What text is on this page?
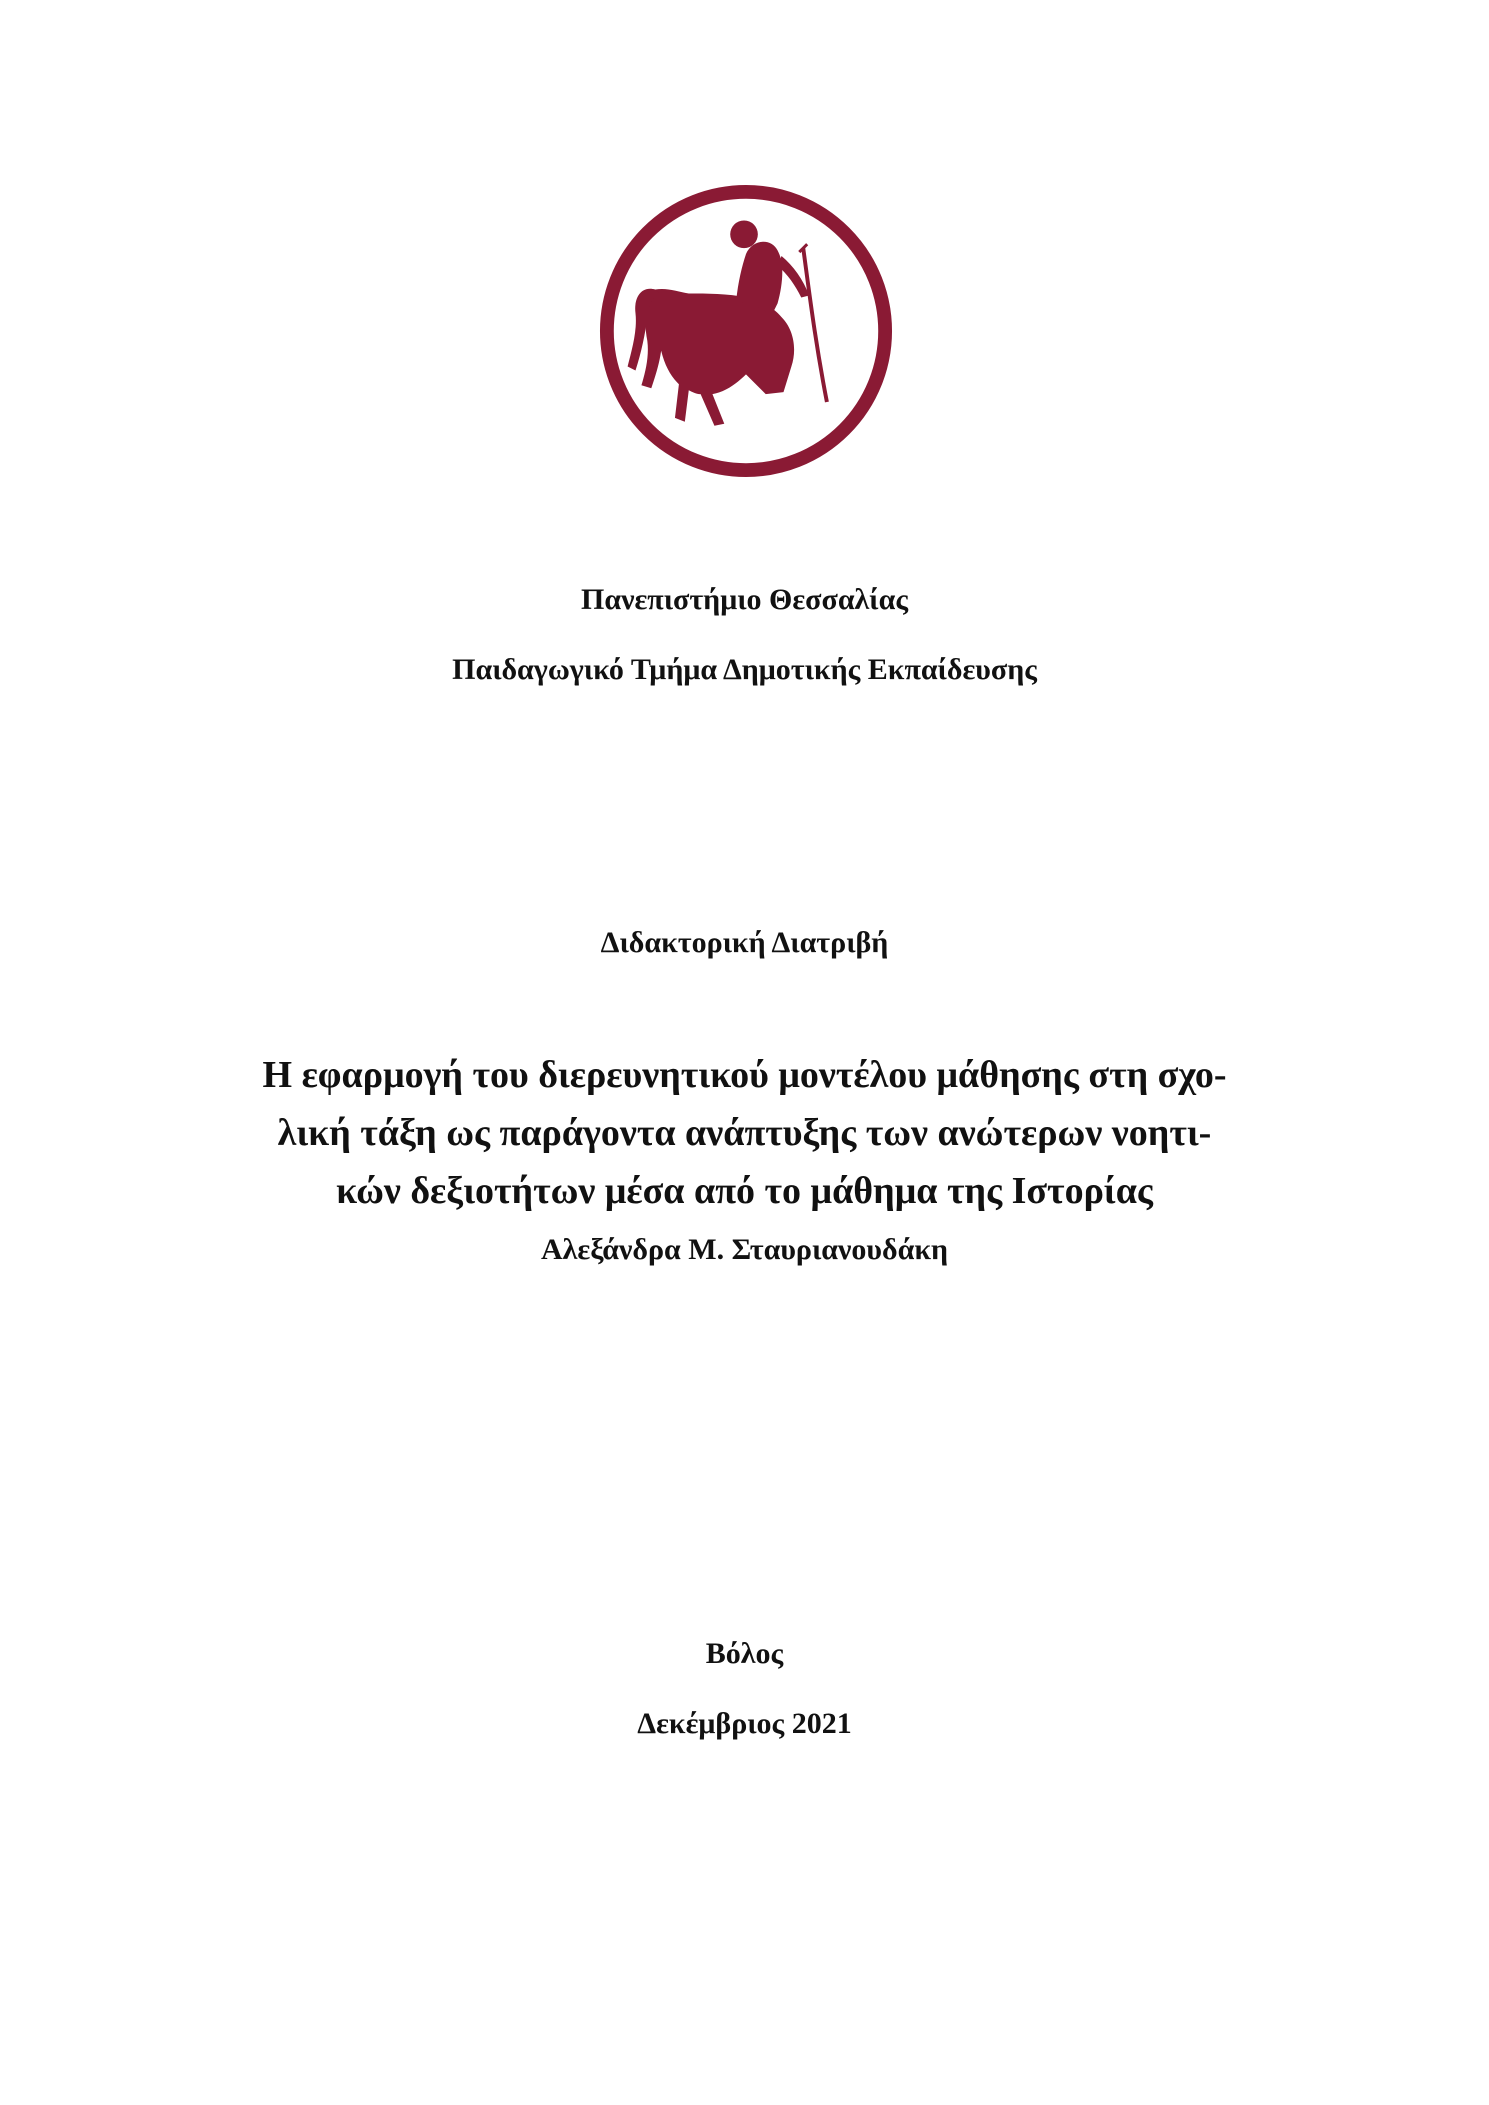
Πανεπιστήμιο Θεσσαλίας
Παιδαγωγικό Τμήμα Δημοτικής Εκπαίδευσης
Διδακτορική Διατριβή
Η εφαρμογή του διερευνητικού μοντέλου μάθησης στη σχο-
λική τάξη ως παράγοντα ανάπτυξης των ανώτερων νοητι-
κών δεξιοτήτων μέσα από το μάθημα της Ιστορίας
Αλεξάνδρα Μ. Σταυριανουδάκη
Βόλος
Δεκέμβριος 2021
